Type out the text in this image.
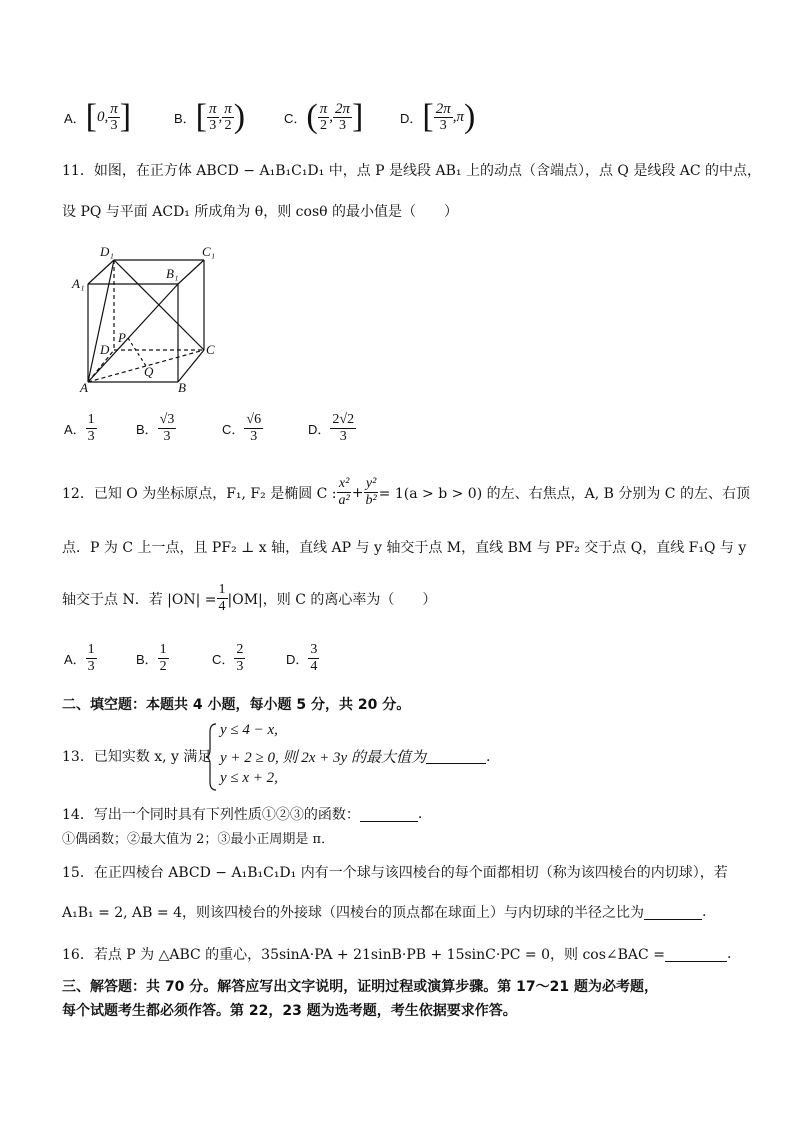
A． [ 0, $\frac{\pi}{3}$ ]	B． [ $\frac{\pi}{3}$ , $\frac{\pi}{2}$ )	C． ( $\frac{\pi}{2}$ , $\frac{2\pi}{3}$ ]	D． [ $\frac{2\pi}{3} ,\pi$ )
11．如图，在正方体 ABCD − A₁B₁C₁D₁ 中，点 P 是线段 AB₁ 上的动点（含端点），点 Q 是线段 AC 的中点，
设 PQ 与平面 ACD₁ 所成角为 θ，则 cosθ 的最小值是（　　）
D₁	C₁
A₁
B₁
P
D	C
A
Q
B
A． $\frac{1}{3}$	B． $\frac{√3}{3}$	C． $\frac{√6}{3}$	D． $\frac{2√2}{3}$
12．已知 O 为坐标原点，F₁, F₂ 是椭圆 C : $\frac{\text{x²}}{\text{a²}} + \frac{\text{y²}}{\text{b²}} = 1(a > b > 0)$ 的左、右焦点，A, B 分别为 C 的左、右顶
点．P 为 C 上一点，且 PF₂ ⊥ x 轴，直线 AP 与 y 轴交于点 M，直线 BM 与 PF₂ 交于点 Q，直线 F₁Q 与 y
轴交于点 N．若 $|ON| = \frac{1}{4} |OM|$，则 C 的离心率为（　　）
A． $\frac{1}{3}$	B． $\frac{1}{2}$	C． $\frac{2}{3}$	D． $\frac{3}{4}$
二、填空题：本题共 4 小题，每小题 5 分，共 20 分。
13．已知实数 x, y 满足
y ≤ 4 − x,
y + 2 ≥ 0, 则 2x + 3y 的最大值为	.
y ≤ x + 2,
14．写出一个同时具有下列性质①②③的函数：	.
①偶函数；②最大值为 2；③最小正周期是 π．
15．在正四棱台 ABCD − A₁B₁C₁D₁ 内有一个球与该四棱台的每个面都相切（称为该四棱台的内切球），若
A₁B₁ = 2, AB = 4，则该四棱台的外接球（四棱台的顶点都在球面上）与内切球的半径之比为	.
16．若点 P 为 △ABC 的重心，35sinA·PA + 21sinB·PB + 15sinC·PC = 0，则 cos∠BAC =	.
三、解答题：共 70 分。解答应写出文字说明，证明过程或演算步骤。第 17～21 题为必考题，
每个试题考生都必须作答。第 22，23 题为选考题，考生依据要求作答。
